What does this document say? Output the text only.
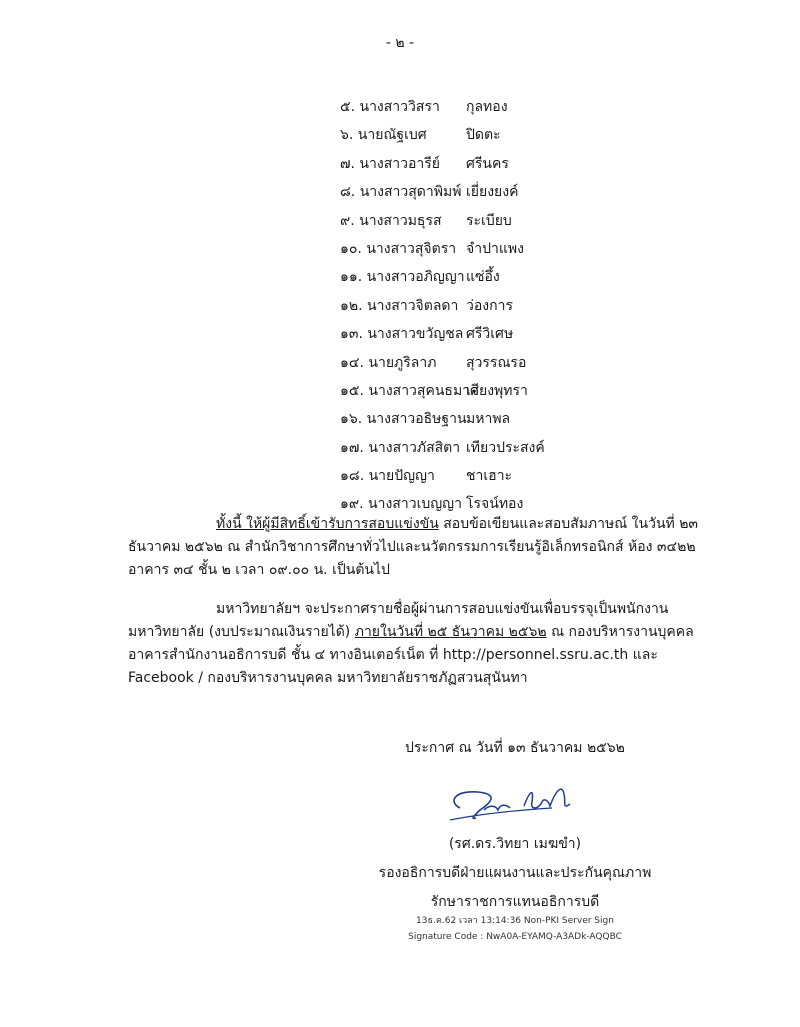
- ๒ -
๕. นางสาววิสรา กุลทอง
๖. นายณัฐเบศ	ปิดตะ
๗. นางสาวอารีย์ ศรีนคร
๘. นางสาวสุดาพิมพ์ เยี่ยงยงค์
๙. นางสาวมธุรส ระเบียบ
๑๐. นางสาวสุจิตรา จำปาแพง
๑๑. นางสาวอภิญญา แซ่อึ้ง
๑๒. นางสาวจิตลดา ว่องการ
๑๓. นางสาวขวัญชล ศรีวิเศษ
๑๔. นายภูริลาภ สุวรรณรอ
๑๕. นางสาวสุคนธมาศ
เจียงพุทรา
๑๖. นางสาวอธิษฐาน มหาพล
๑๗. นางสาวภัสสิตา เทียวประสงค์
๑๘. นายปัญญา ชาเฮาะ
๑๙. นางสาวเบญญา โรจน์ทอง
ทั้งนี้ ให้ผู้มีสิทธิ์เข้ารับการสอบแข่งขัน สอบข้อเขียนและสอบสัมภาษณ์ ในวันที่ ๒๓ ธันวาคม ๒๕๖๒ ณ สำนักวิชาการศึกษาทั่วไปและนวัตกรรมการเรียนรู้อิเล็กทรอนิกส์ ห้อง ๓๔๒๒ อาคาร ๓๔ ชั้น ๒ เวลา ๐๙.๐๐ น. เป็นต้นไป
มหาวิทยาลัยฯ จะประกาศรายชื่อผู้ผ่านการสอบแข่งขันเพื่อบรรจุเป็นพนักงานมหาวิทยาลัย (งบประมาณเงินรายได้) ภายในวันที่ ๒๕ ธันวาคม ๒๕๖๒ ณ กองบริหารงานบุคคล อาคารสำนักงานอธิการบดี ชั้น ๔ ทางอินเตอร์เน็ต ที่ http://personnel.ssru.ac.th และ Facebook / กองบริหารงานบุคคล มหาวิทยาลัยราชภัฏสวนสุนันทา
ประกาศ ณ วันที่ ๑๓ ธันวาคม ๒๕๖๒
(รศ.ดร.วิทยา เมฆขำ)
รองอธิการบดีฝ่ายแผนงานและประกันคุณภาพ
รักษาราชการแทนอธิการบดี
13ธ.ค.62 เวลา 13:14:36 Non-PKI Server Sign
Signature Code : NwA0A-EYAMQ-A3ADk-AQQBC
